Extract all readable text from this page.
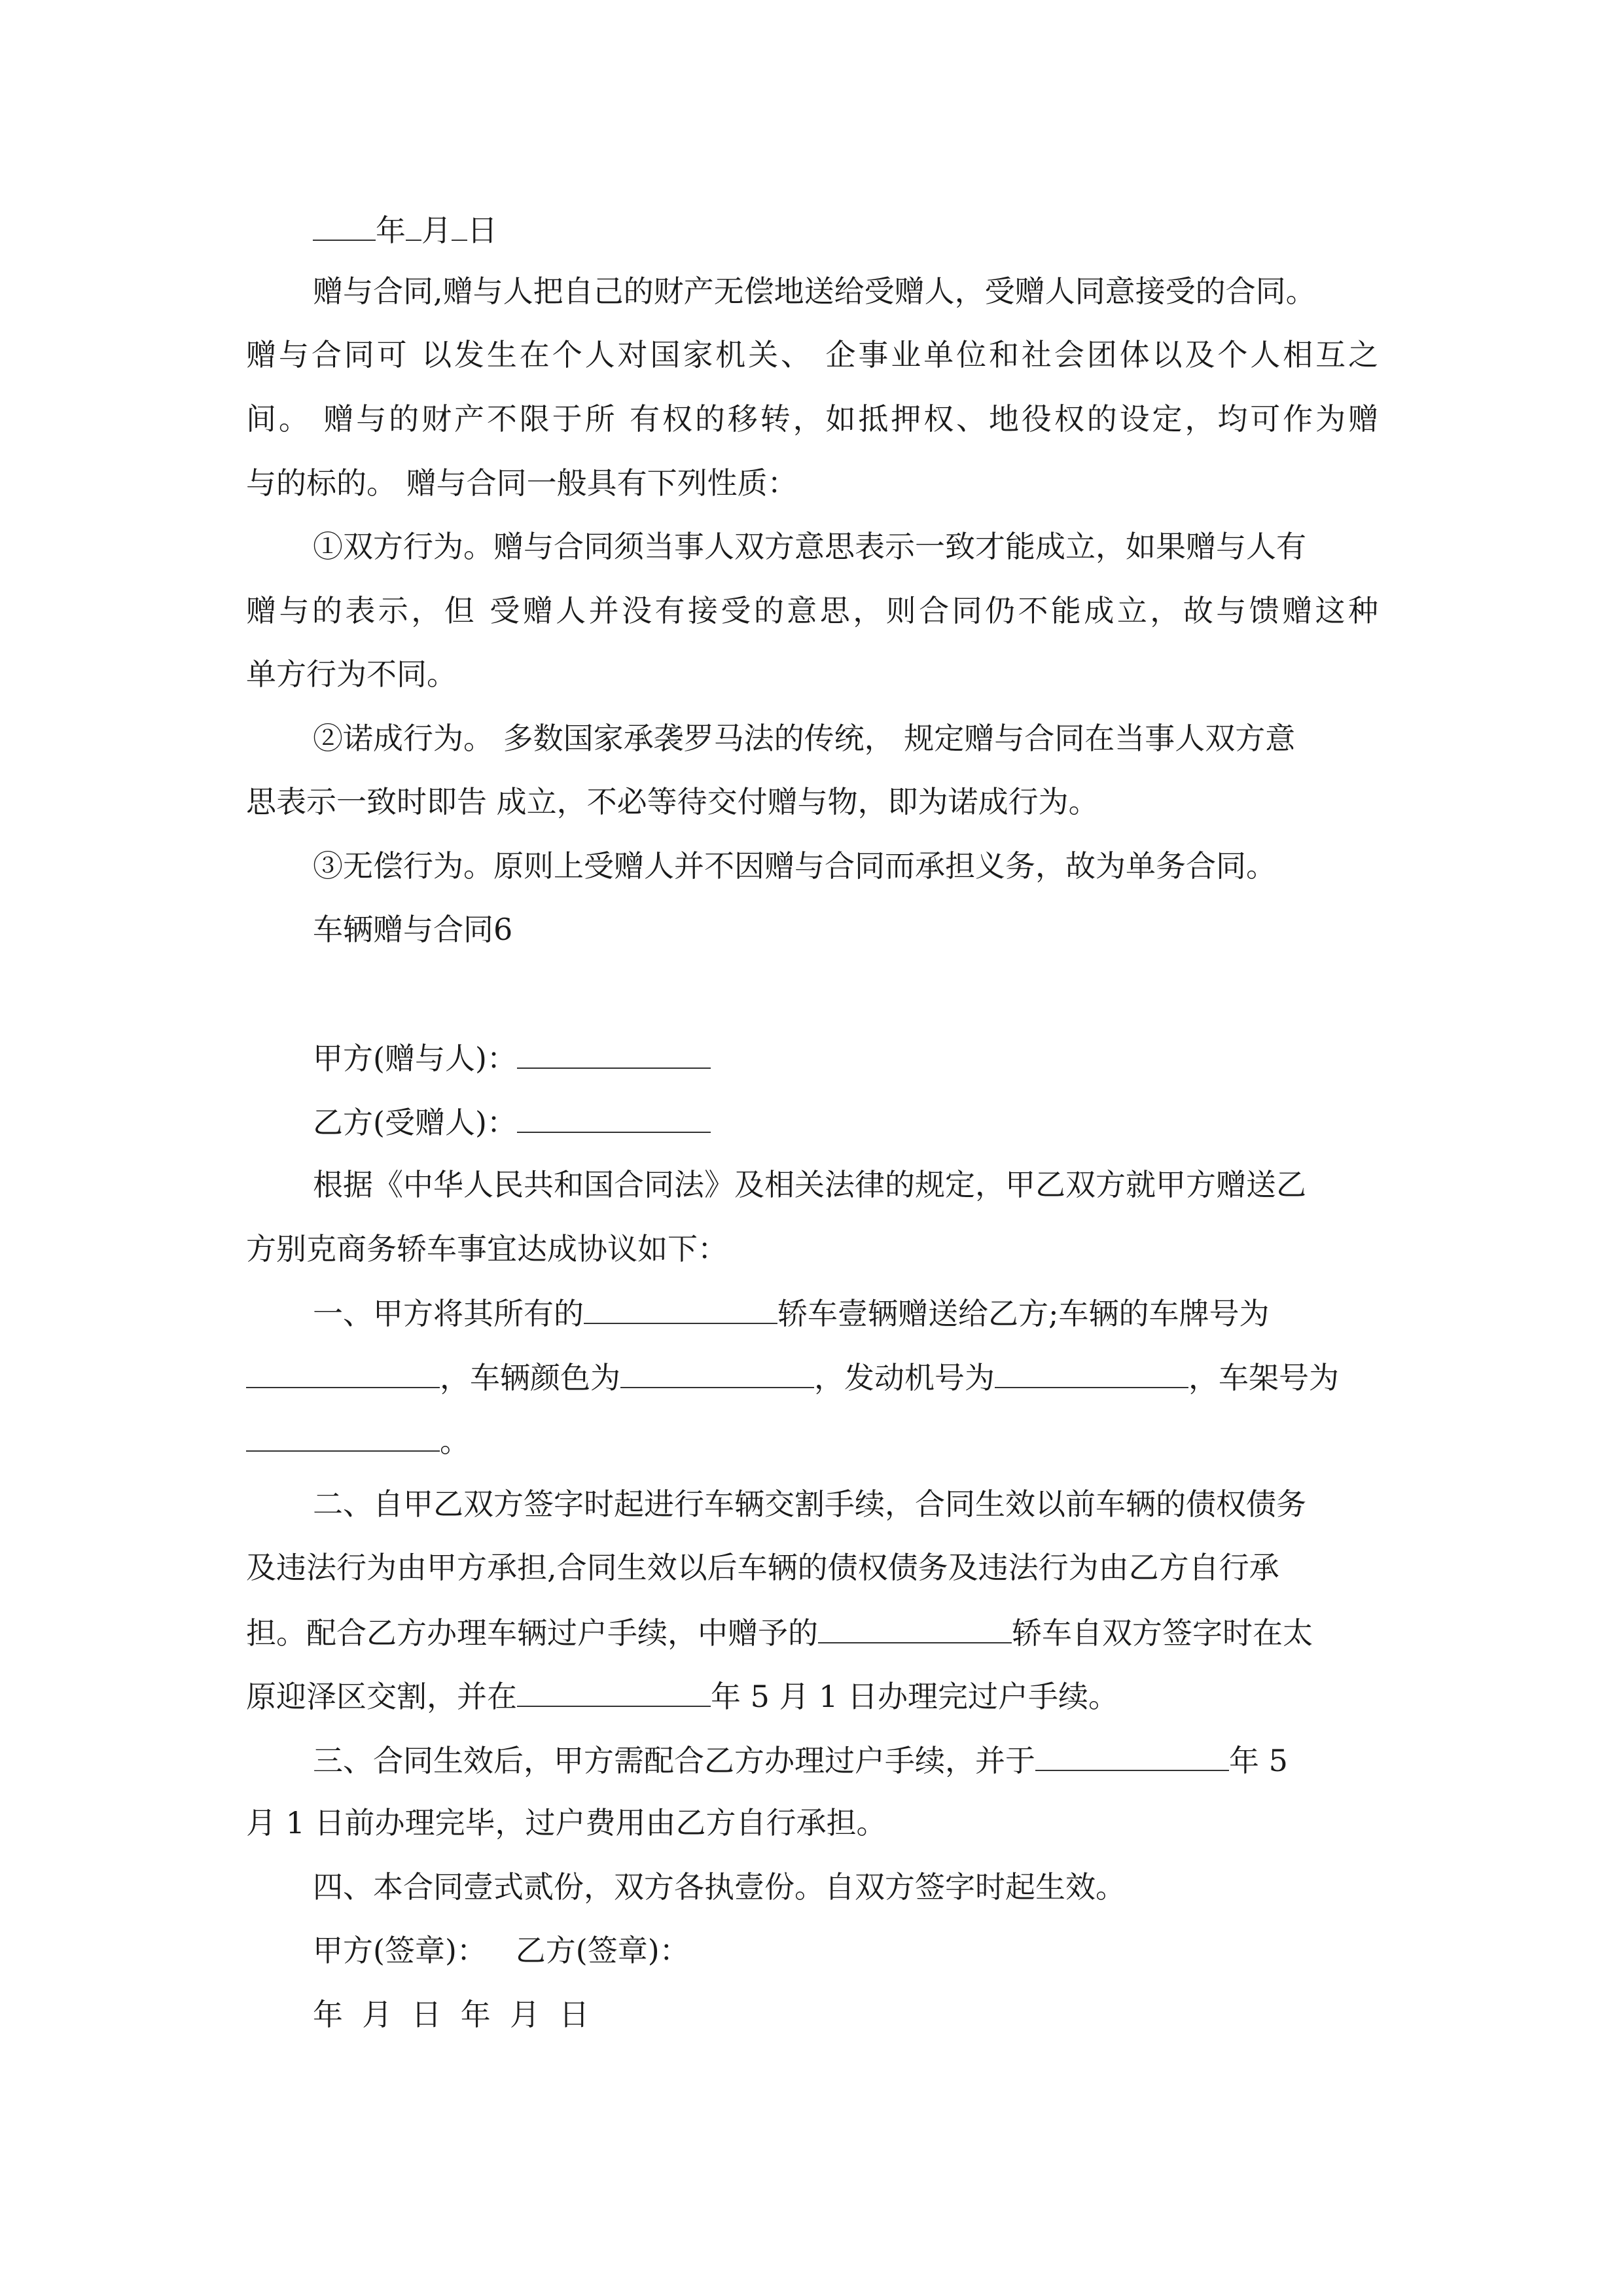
年 月 日
赠与合同,赠与人把自己的财产无偿地送给受赠人，受赠人同意接受的合同。
赠与合同可 以发生在个人对国家机关、 企事业单位和社会团体以及个人相互之
间。 赠与的财产不限于所 有权的移转，如抵押权、地役权的设定，均可作为赠
与的标的。 赠与合同一般具有下列性质：
①双方行为。赠与合同须当事人双方意思表示一致才能成立，如果赠与人有
赠与的表示，但 受赠人并没有接受的意思，则合同仍不能成立，故与馈赠这种
单方行为不同。
②诺成行为。 多数国家承袭罗马法的传统， 规定赠与合同在当事人双方意
思表示一致时即告 成立，不必等待交付赠与物，即为诺成行为。
③无偿行为。原则上受赠人并不因赠与合同而承担义务，故为单务合同。
车辆赠与合同6
甲方(赠与人)：
乙方(受赠人)：
根据《中华人民共和国合同法》及相关法律的规定，甲乙双方就甲方赠送乙
方别克商务轿车事宜达成协议如下：
一、甲方将其所有的	轿车壹辆赠送给乙方;车辆的车牌号为
，车辆颜色为	，发动机号为	，车架号为
。
二、自甲乙双方签字时起进行车辆交割手续，合同生效以前车辆的债权债务
及违法行为由甲方承担,合同生效以后车辆的债权债务及违法行为由乙方自行承
担。配合乙方办理车辆过户手续，中赠予的	轿车自双方签字时在太
原迎泽区交割，并在	年 5 月 1 日办理完过户手续。
三、合同生效后，甲方需配合乙方办理过户手续，并于	年 5
月 1 日前办理完毕，过户费用由乙方自行承担。
四、本合同壹式贰份，双方各执壹份。自双方签字时起生效。
甲方(签章)：   乙方(签章)：
年  月  日  年  月  日
